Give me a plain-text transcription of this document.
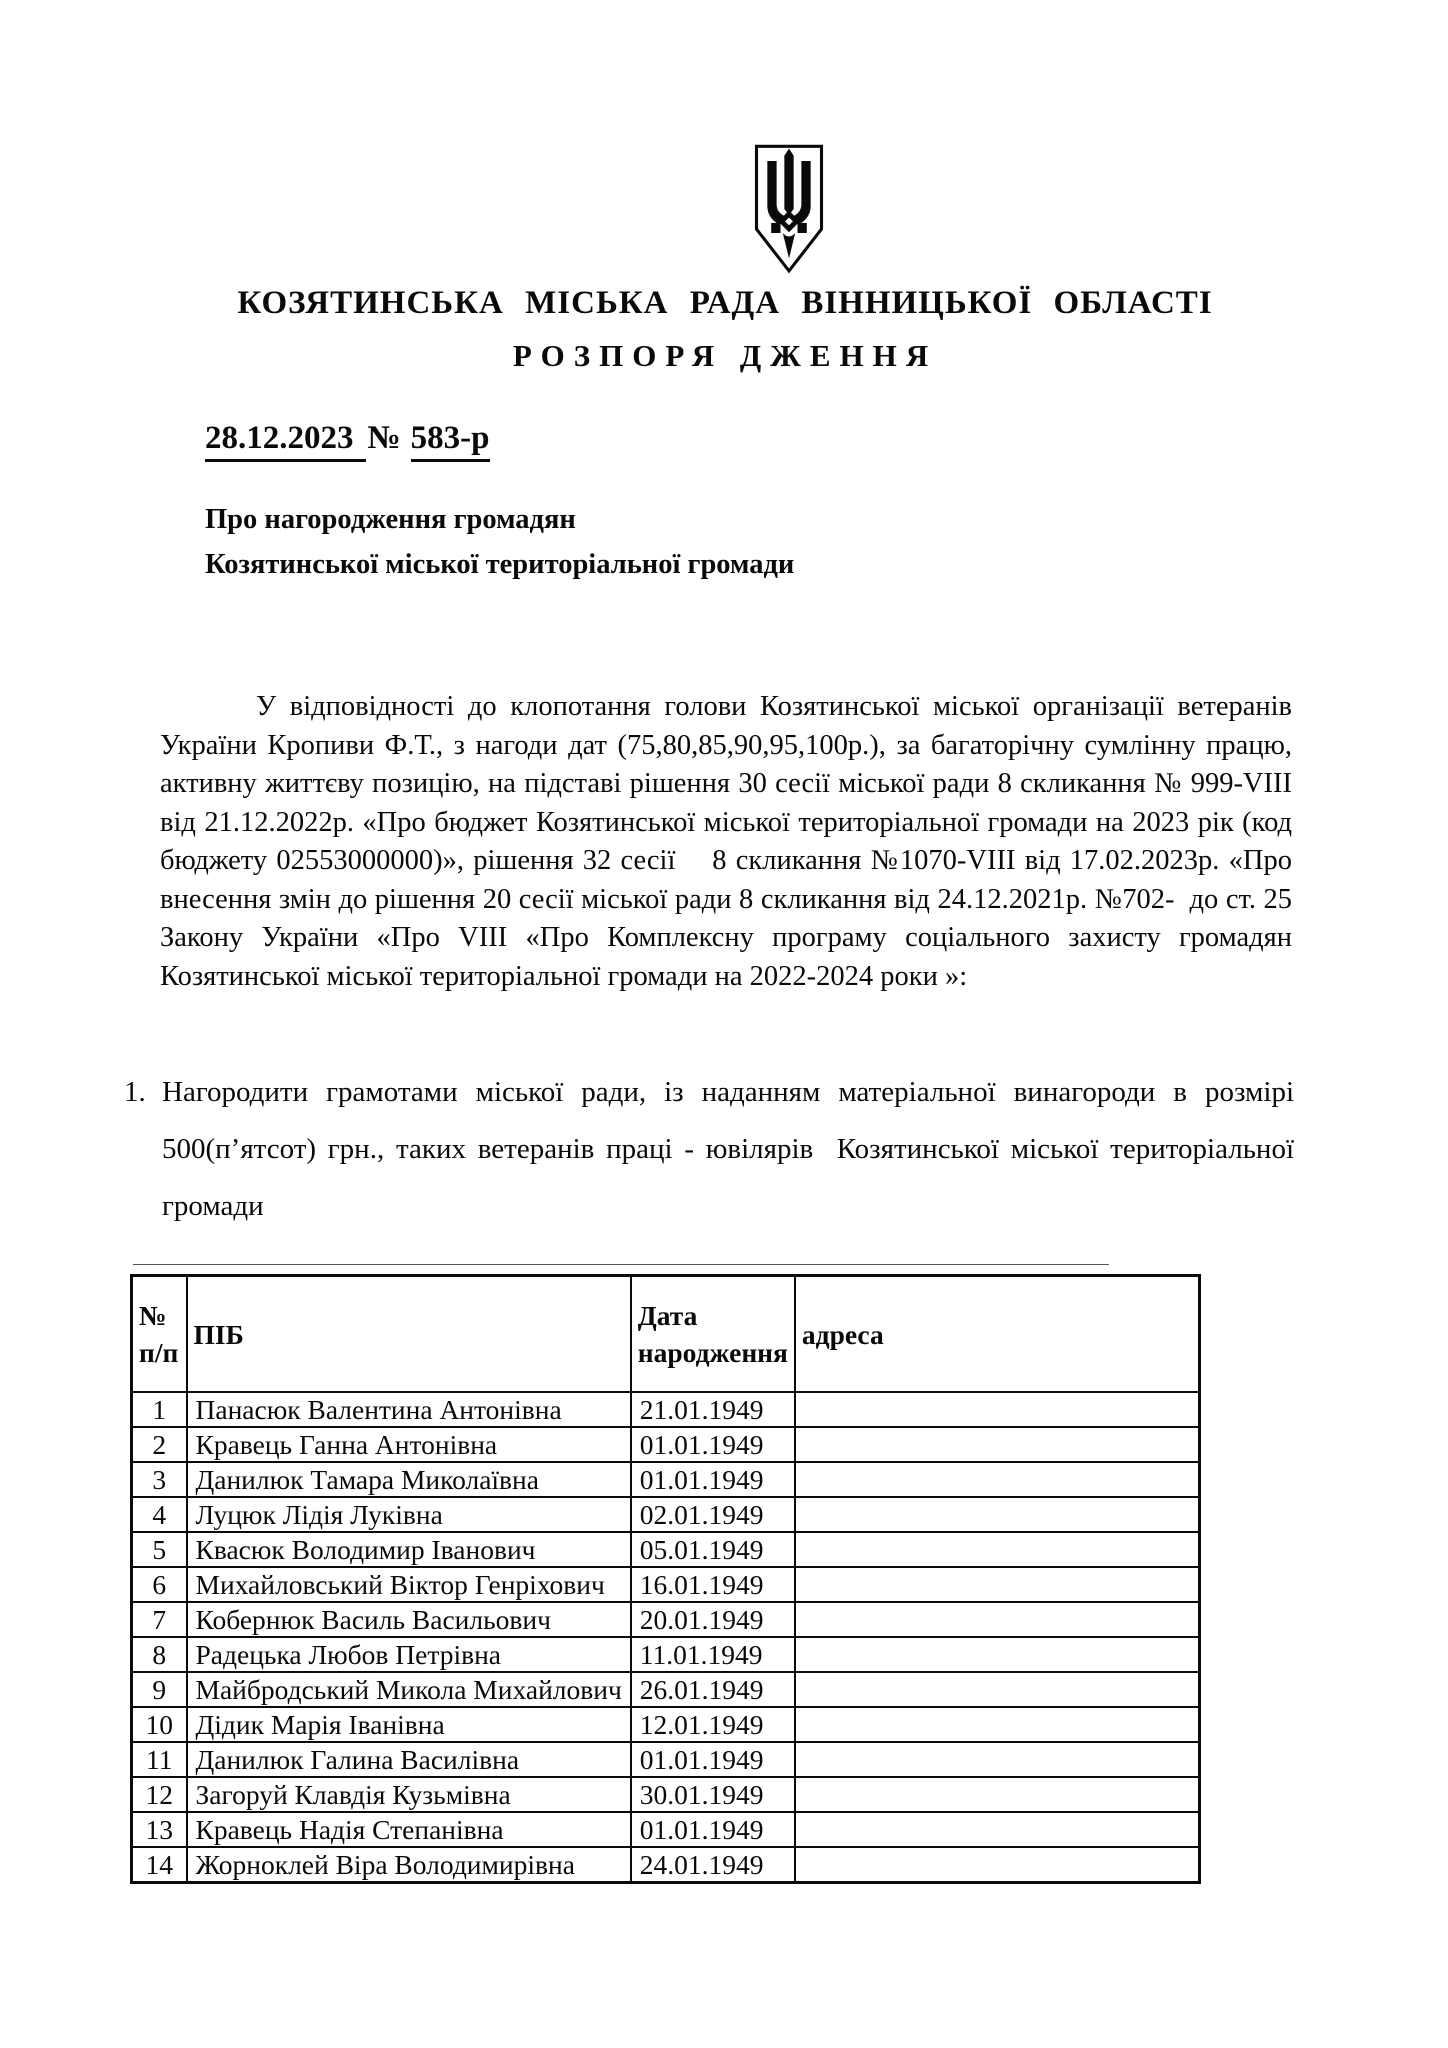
КОЗЯТИНСЬКА МІСЬКА РАДА ВІННИЦЬКОЇ ОБЛАСТІ
РОЗПОРЯ ДЖЕННЯ
28.12.2023 № 583-р
Про нагородження громадян
Козятинської міської територіальної громади
У відповідності до клопотання голови Козятинської міської організації ветеранів України Кропиви Ф.Т., з нагоди дат (75,80,85,90,95,100р.), за багаторічну сумлінну працю, активну життєву позицію, на підставі рішення 30 сесії міської ради 8 скликання № 999-VIII від 21.12.2022р. «Про бюджет Козятинської міської територіальної громади на 2023 рік (код бюджету 02553000000)», рішення 32 сесії    8 скликання №1070-VIII від 17.02.2023р. «Про внесення змін до рішення 20 сесії міської ради 8 скликання від 24.12.2021р. №702-  до ст. 25   Закону України «Про VIII «Про Комплексну програму соціального захисту громадян Козятинської міської територіальної громади на 2022-2024 роки »:
1. Нагородити грамотами міської ради, із наданням матеріальної винагороди в розмірі 500(п’ятсот) грн., таких ветеранів праці - ювілярів  Козятинської міської територіальної громади
№ п/п	ПІБ	Дата народження	адреса
1	Панасюк Валентина Антонівна	21.01.1949	
2	Кравець Ганна Антонівна	01.01.1949	
3	Данилюк Тамара Миколаївна	01.01.1949	
4	Луцюк Лідія Луківна	02.01.1949	
5	Квасюк Володимир Іванович	05.01.1949	
6	Михайловський Віктор Генріхович	16.01.1949	
7	Кобернюк Василь Васильович	20.01.1949	
8	Радецька Любов Петрівна	11.01.1949	
9	Майбродський Микола Михайлович	26.01.1949	
10	Дідик Марія Іванівна	12.01.1949	
11	Данилюк Галина Василівна	01.01.1949	
12	Загоруй Клавдія Кузьмівна	30.01.1949	
13	Кравець Надія Степанівна	01.01.1949	
14	Жорноклей Віра Володимирівна	24.01.1949	
